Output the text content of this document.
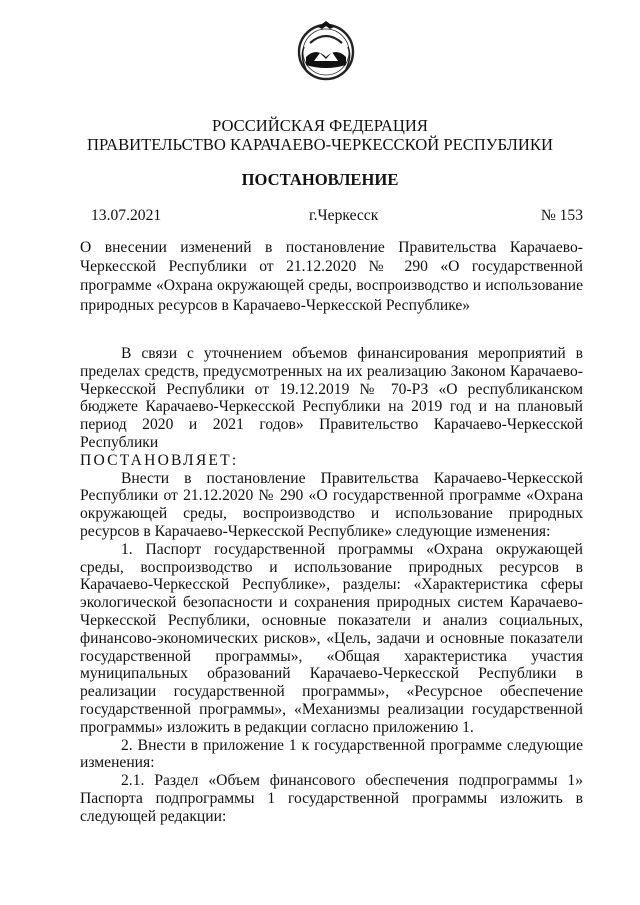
РОССИЙСКАЯ ФЕДЕРАЦИЯ
ПРАВИТЕЛЬСТВО КАРАЧАЕВО-ЧЕРКЕССКОЙ РЕСПУБЛИКИ
ПОСТАНОВЛЕНИЕ
13.07.2021	г.Черкесск	№ 153
О внесении изменений в постановление Правительства Карачаево-Черкесской Республики от 21.12.2020 № 290 «О государственной программе «Охрана окружающей среды, воспроизводство и использование природных ресурсов в Карачаево-Черкесской Республике»

В связи с уточнением объемов финансирования мероприятий в пределах средств, предусмотренных на их реализацию Законом Карачаево-Черкесской Республики от 19.12.2019 № 70-РЗ «О республиканском бюджете Карачаево-Черкесской Республики на 2019 год и на плановый период 2020 и 2021 годов» Правительство Карачаево-Черкесской Республики

ПОСТАНОВЛЯЕТ:

Внести в постановление Правительства Карачаево-Черкесской Республики от 21.12.2020 № 290 «О государственной программе «Охрана окружающей среды, воспроизводство и использование природных ресурсов в Карачаево-Черкесской Республике» следующие изменения:

1. Паспорт государственной программы «Охрана окружающей среды, воспроизводство и использование природных ресурсов в Карачаево-Черкесской Республике», разделы: «Характеристика сферы экологической безопасности и сохранения природных систем Карачаево-Черкесской Республики, основные показатели и анализ социальных, финансово-экономических рисков», «Цель, задачи и основные показатели государственной программы», «Общая характеристика участия муниципальных образований Карачаево-Черкесской Республики в реализации государственной программы», «Ресурсное обеспечение государственной программы», «Механизмы реализации государственной программы» изложить в редакции согласно приложению 1.

2. Внести в приложение 1 к государственной программе следующие изменения:

2.1. Раздел «Объем финансового обеспечения подпрограммы 1» Паспорта подпрограммы 1 государственной программы изложить в следующей редакции:
